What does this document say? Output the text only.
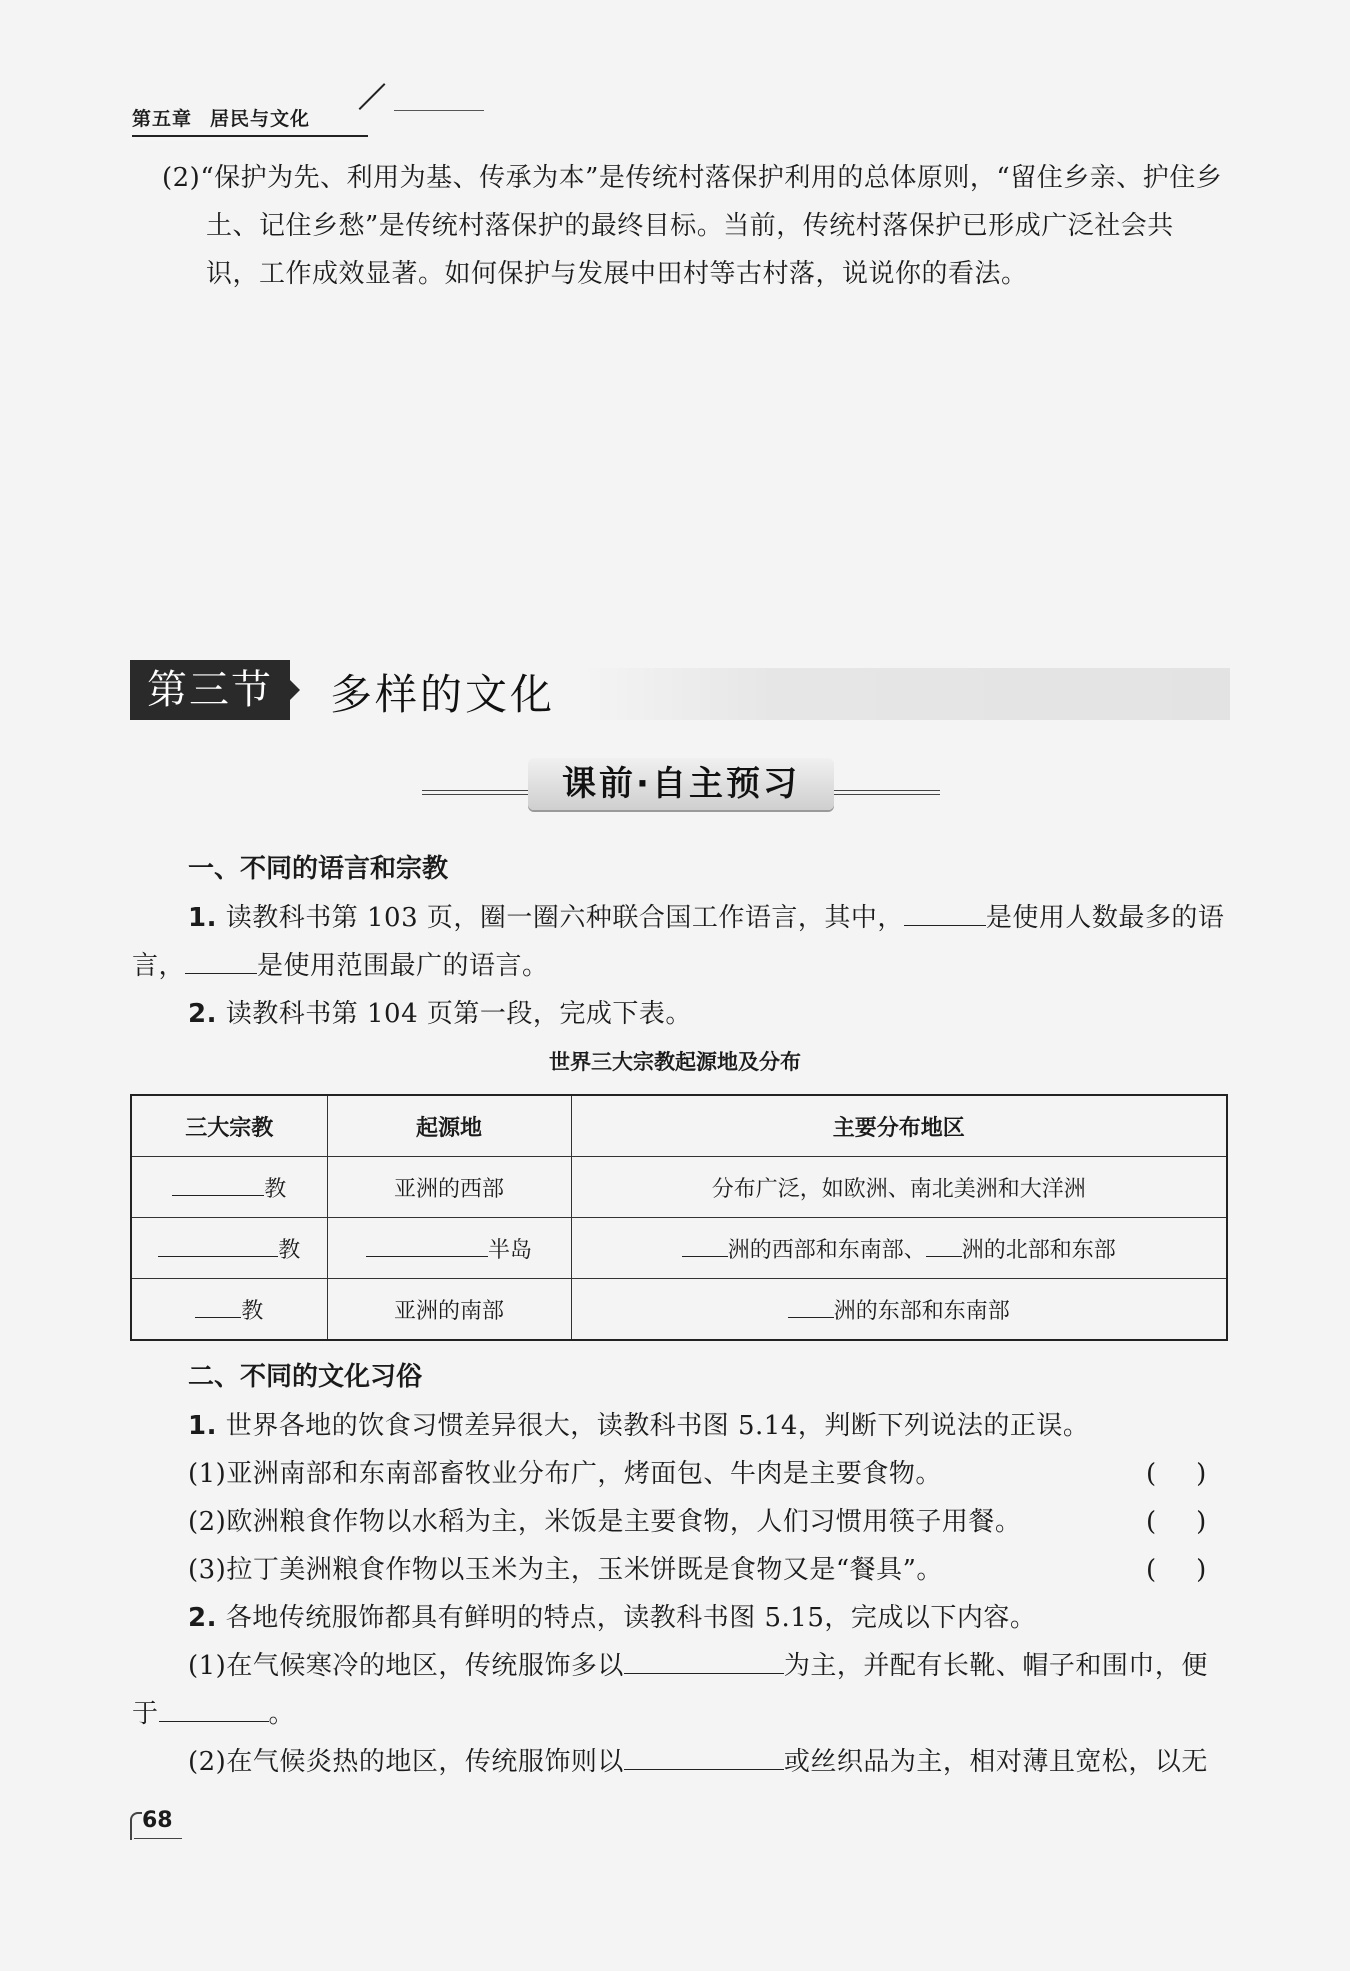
第五章 居民与文化
(2)“保护为先、利用为基、传承为本”是传统村落保护利用的总体原则，“留住乡亲、护住乡
土、记住乡愁”是传统村落保护的最终目标。当前，传统村落保护已形成广泛社会共
识，工作成效显著。如何保护与发展中田村等古村落，说说你的看法。
第三节	多样的文化
课前·自主预习
一、不同的语言和宗教
1. 读教科书第 103 页，圈一圈六种联合国工作语言，其中，	是使用人数最多的语
言，	是使用范围最广的语言。
2. 读教科书第 104 页第一段，完成下表。
世界三大宗教起源地及分布
三大宗教	起源地	主要分布地区
教	亚洲的西部	分布广泛，如欧洲、南北美洲和大洋洲
教	半岛	洲的西部和东南部、 洲的北部和东部
教	亚洲的南部	洲的东部和东南部
二、不同的文化习俗
1. 世界各地的饮食习惯差异很大，读教科书图 5.14，判断下列说法的正误。
(1)亚洲南部和东南部畜牧业分布广，烤面包、牛肉是主要食物。	()
(2)欧洲粮食作物以水稻为主，米饭是主要食物，人们习惯用筷子用餐。	()
(3)拉丁美洲粮食作物以玉米为主，玉米饼既是食物又是“餐具”。	()
2. 各地传统服饰都具有鲜明的特点，读教科书图 5.15，完成以下内容。
(1)在气候寒冷的地区，传统服饰多以	为主，并配有长靴、帽子和围巾，便
于	。
(2)在气候炎热的地区，传统服饰则以	或丝织品为主，相对薄且宽松，以无
68
